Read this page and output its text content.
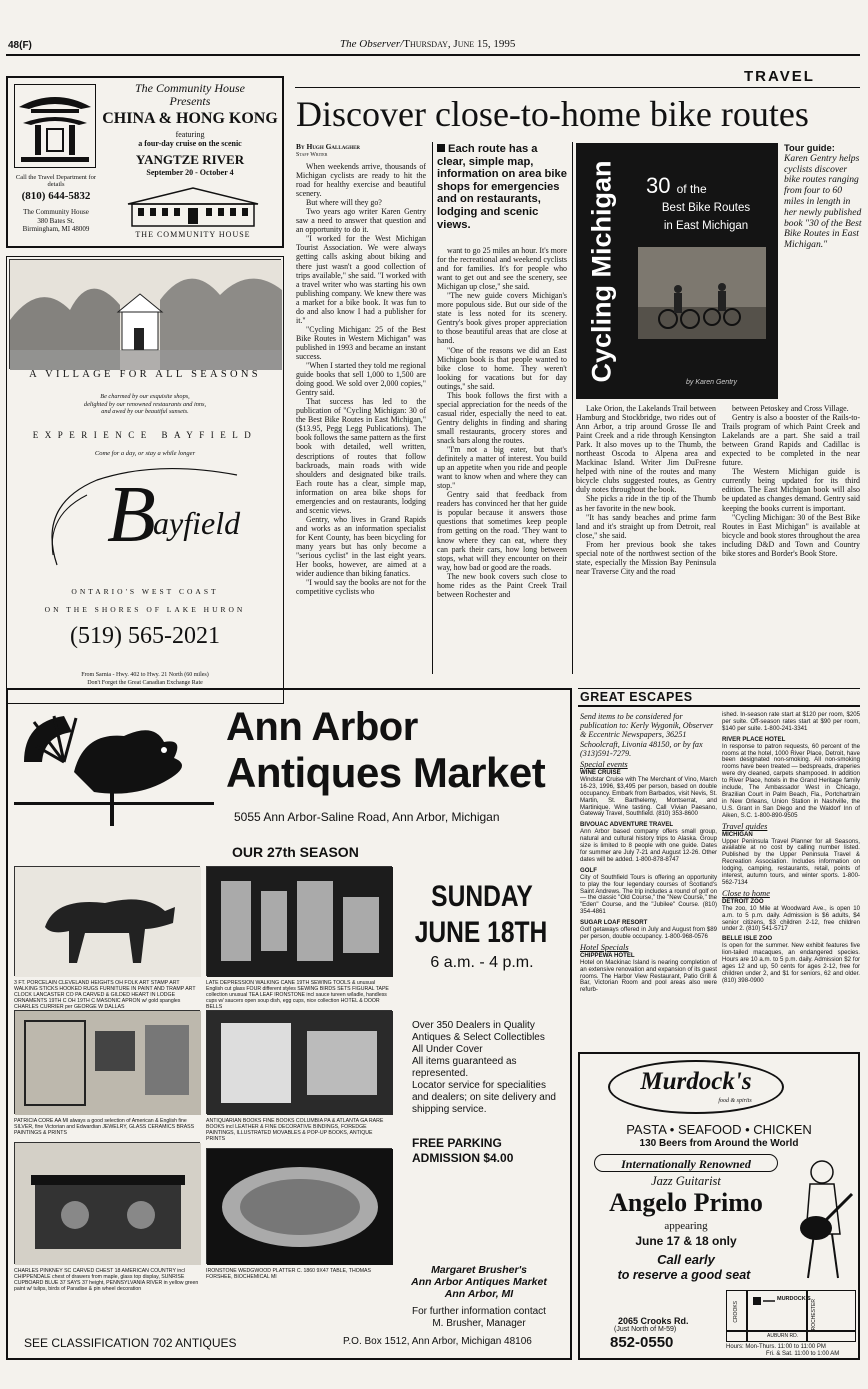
48(F)	The Observer/Thursday, June 15, 1995
TRAVEL
Discover close-to-home bike routes
The Community House
Presents
CHINA & HONG KONG
featuring
a four-day cruise on the scenic
YANGTZE RIVER
September 20 - October 4
Call the Travel Department for details
(810) 644-5832
The Community House
380 Bates St.
Birmingham, MI 48009
THE COMMUNITY HOUSE
A VILLAGE FOR ALL SEASONS
Be charmed by our exquisite shops,
delighted by our renowned restaurants and inns,
and awed by our beautiful sunsets.
EXPERIENCE BAYFIELD
Come for a day, or stay a while longer
B
ayfield
ONTARIO'S WEST COAST
ON THE SHORES OF LAKE HURON
(519) 565-2021
From Sarnia - Hwy. 402 to Hwy. 21 North (60 miles)
Don't Forget the Great Canadian Exchange Rate
By Hugh Gallagher
Staff Writer

When weekends arrive, thousands of Michigan cyclists are ready to hit the road for healthy exercise and beautiful scenery.

But where will they go?

Two years ago writer Karen Gentry saw a need to answer that question and an opportunity to do it.

"I worked for the West Michigan Tourist Association. We were always getting calls asking about biking and there just wasn't a good collection of trips available," she said. "I worked with a travel writer who was starting his own publishing company. We knew there was a market for a bike book. It was fun to do and also know I had a publisher for it."

"Cycling Michigan: 25 of the Best Bike Routes in Western Michigan" was published in 1993 and became an instant success.

"When I started they told me regional guide books that sell 1,000 to 1,500 are doing good. We sold over 2,000 copies," Gentry said.

That success has led to the publication of "Cycling Michigan: 30 of the Best Bike Routes in East Michigan," ($13.95, Pegg Legg Publications). The book follows the same pattern as the first book with detailed, well written, descriptions of routes that follow backroads, main roads with wide shoulders and designated bike trails. Each route has a clear, simple map, information on area bike shops for emergencies and on restaurants, lodging and scenic views.

Gentry, who lives in Grand Rapids and works as an information specialist for Kent County, has been bicycling for many years but has only become a "serious cyclist" in the last eight years. Her books, however, are aimed at a wider audience than biking fanatics.

"I would say the books are not for the competitive cyclists who

Each route has a clear, simple map, information on area bike shops for emergencies and on restaurants, lodging and scenic views.

want to go 25 miles an hour. It's more for the recreational and weekend cyclists and for families. It's for people who want to get out and see the scenery, see Michigan up close," she said.

"The new guide covers Michigan's more populous side. But our side of the state is less noted for its scenery. Gentry's book gives proper appreciation to those beautiful areas that are close at hand.

"One of the reasons we did an East Michigan book is that people wanted to bike close to home. They weren't looking for vacations but for day outings," she said.

This book follows the first with a special appreciation for the needs of the casual rider, especially the need to eat. Gentry delights in finding and sharing small restaurants, grocery stores and snack bars along the routes.

"I'm not a big eater, but that's definitely a matter of interest. You build up an appetite when you ride and people want to know when and where they can stop."

Gentry said that feedback from readers has convinced her that her guide is popular because it answers those questions that sometimes keep people from getting on the road. 'They want to know where they can eat, where they can park their cars, how long between stops, what will they encounter on their way, how bad or good are the roads.

The new book covers such close to home rides as the Paint Creek Trail between Rochester and

30 of the
Best Bike Routes
in East Michigan
Cycling Michigan	by Karen Gentry
Tour guide:
Karen Gentry helps cyclists discover bike routes ranging from four to 60 miles in length in her newly published book "30 of the Best Bike Routes in East Michigan."

Lake Orion, the Lakelands Trail between Hamburg and Stockbridge, two rides out of Ann Arbor, a trip around Grosse Ile and Paint Creek and a ride through Kensington Park. It also moves up to the Thumb, the northeast Oscoda to Alpena area and Mackinac Island. Writer Jim DuFresne helped with nine of the routes and many bicycle clubs suggested routes, as Gentry duly notes throughout the book.

She picks a ride in the tip of the Thumb as her favorite in the new book.

"It has sandy beaches and prime farm land and it's straight up from Detroit, real close," she said.

From her previous book she takes special note of the northwest section of the state, especially the Mission Bay Peninsula near Traverse City and the road

between Petoskey and Cross Village.

Gentry is also a booster of the Rails-to-Trails program of which Paint Creek and Lakelands are a part. She said a trail between Grand Rapids and Cadillac is expected to be completed in the near future.

The Western Michigan guide is currently being updated for its third edition. The East Michigan book will also be updated as changes demand. Gentry said keeping the books current is important.

"Cycling Michigan: 30 of the Best Bike Routes in East Michigan" is available at bicycle and book stores throughout the area including D&D and Town and Country bike stores and Border's Book Store.

GREAT ESCAPES
Send items to be considered for publication to: Kerly Wygonik, Observer & Eccentric Newspapers, 36251 Schoolcraft, Livonia 48150, or by fax (313)591-7279.
Special events
WINE CRUISE
Windstar Cruise with The Merchant of Vino, March 16-23, 1996, $3,495 per person, based on double occupancy. Embark from Barbados, visit Nevis, St. Martin, St. Barthelemy, Montserrat, and Martinique. Wine tasting. Call Vivian Paesano, Gateway Travel, Southfield. (810) 353-8600
BIVOUAC ADVENTURE TRAVEL
Ann Arbor based company offers small group, natural and cultural history trips to Alaska. Group size is limited to 8 people with one guide. Dates for summer are July 7-21 and August 12-26. Other dates will be added. 1-800-878-8747
GOLF
City of Southfield Tours is offering an opportunity to play the four legendary courses of Scotland's Saint Andrews. The trip includes a round of golf on — the classic "Old Course," the "New Course," the "Eden" Course, and the "Jubilee" Course. (810) 354-4861
SUGAR LOAF RESORT
Golf getaways offered in July and August from $89 per person, double occupancy. 1-800-968-0576
Hotel Specials
CHIPPEWA HOTEL
Hotel on Mackinac Island is nearing completion of an extensive renovation and expansion of its guest rooms. The Harbor View Restaurant, Patio Grill & Bar, Victorian Room and pool areas also were refurb-
ished. In-season rate start at $120 per room, $205 per suite. Off-season rates start at $90 per room, $140 per suite. 1-800-241-3341
RIVER PLACE HOTEL
In response to patron requests, 60 percent of the rooms at the hotel, 1000 River Place, Detroit, have been designated non-smoking. All non-smoking rooms have been treated — bedspreads, draperies were dry cleaned, carpets shampooed. In addition to River Place, hotels in the Grand Heritage family include, The Ambassador West in Chicago, Brazilian Court in Palm Beach, Fla., Portchartrain in New Orleans, Union Station in Nashville, the U.S. Grant in San Diego and the Waldorf Inn of Aiken, S.C. 1-800-890-9505
Travel guides
MICHIGAN
Upper Peninsula Travel Planner for all Seasons, available at no cost by calling number listed. Published by the Upper Peninsula Travel & Recreation Association. Includes information on lodging, camping, restaurants, retail, points of interest, autumn tours, and winter sports. 1-800-562-7134
Close to home
DETROIT ZOO
The zoo, 10 Mile at Woodward Ave., is open 10 a.m. to 5 p.m. daily. Admission is $6 adults, $4 senior citizens, $3 children 2-12, free children under 2. (810) 541-5717
BELLE ISLE ZOO
Is open for the summer. New exhibit features five lion-tailed macaques, an endangered species. Hours are 10 a.m. to 5 p.m. daily. Admission $2 for ages 12 and up, 50 cents for ages 2-12, free for children under 2, and $1 for seniors, 62 and older. (810) 398-0900
Ann Arbor
Antiques Market
5055 Ann Arbor-Saline Road, Ann Arbor, Michigan
OUR 27th SEASON
3 FT. PORCELAIN CLEVELAND HEIGHTS OH FOLK ART STAMP ART WALKING STICKS HOOKED RUGS FURNITURE IN PAINT AND TRAMP ART CLOCK LANCASTER CO PA CARVED & GILDED HEART IN LODGE ORNAMENTS 19TH C OH 19TH C MASONIC APRON w/ gold spangles CHARLES CURRIER per GEORGE W DALLAS
PATRICIA CORE AA MI always a good selection of American & English fine SILVER, fine Victorian and Edwardian JEWELRY, GLASS CERAMICS BRASS PAINTINGS & PRINTS
CHARLES PINKNEY SC CARVED CHEST 18 AMERICAN COUNTRY incl CHIPPENDALE chest of drawers from maple, glass top display, SUNRISE CUPBOARD BLUE 37 SAYS 37 height, PENNSYLVANIA RIVER in yellow green paint w/ tulips, birds of Paradise & pin wheel decoration
LATE DEPRESSION WALKING CANE 19TH SEWING TOOLS & unusual English cut glass FOUR different styles SEWING BIRDS SETS FIGURAL TAPE collection unusual TEA LEAF IRONSTONE incl sauce tureen w/ladle, handless cups w/ saucers open soup dish, egg cups, nice collection HOTEL & DOOR BELLS
ANTIQUARIAN BOOKS FINE BOOKS COLUMBIA PA & ATLANTA GA RARE BOOKS incl LEATHER & FINE DECORATIVE BINDINGS, FOREDGE PAINTINGS, ILLUSTRATED MOVABLES & POP-UP BOOKS, ANTIQUE PRINTS
IRONSTONE WEDGWOOD PLATTER C. 1860 9X47 TABLE, THOMAS FORSHEE, BIOCHEMICAL MI
SUNDAY
JUNE 18TH
6 a.m. - 4 p.m.
Over 350 Dealers in Quality Antiques & Select Collectibles
All Under Cover
All items guaranteed as represented.
Locator service for specialities and dealers; on site delivery and shipping service.
FREE PARKING
ADMISSION $4.00
Margaret Brusher's
Ann Arbor Antiques Market
Ann Arbor, MI
For further information contact
M. Brusher, Manager
P.O. Box 1512, Ann Arbor, Michigan 48106
SEE CLASSIFICATION 702 ANTIQUES
Murdock's
food & spirits
PASTA • SEAFOOD • CHICKEN
130 Beers from Around the World
Internationally Renowned
Jazz Guitarist
Angelo Primo
appearing
June 17 & 18 only
Call early
to reserve a good seat
MURDOCK'S
CROOKS	ROCHESTER
AUBURN RD.
2065 Crooks Rd.
(Just North of M-59)
852-0550	Hours: Mon-Thurs. 11:00 to 11:00 PM
Fri. & Sat. 11:00 to 1:00 AM
